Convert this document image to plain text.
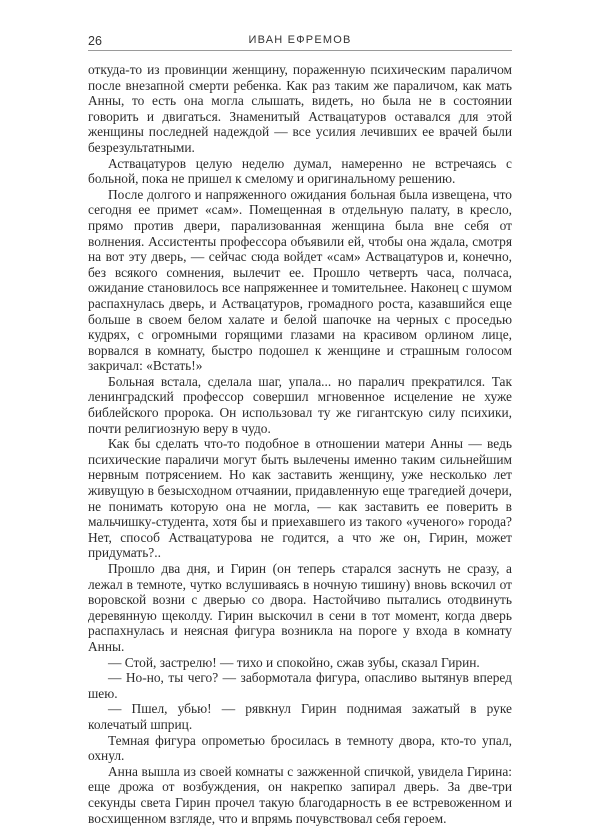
26	ИВАН ЕФРЕМОВ

откуда-то из провинции женщину, пораженную психическим параличом после внезапной смерти ребенка. Как раз таким же параличом, как мать Анны, то есть она могла слышать, видеть, но была не в состоянии говорить и двигаться. Знаменитый Аствацатуров оставался для этой женщины последней надеждой — все усилия лечивших ее врачей были безрезультатными.

Аствацатуров целую неделю думал, намеренно не встречаясь с больной, пока не пришел к смелому и оригинальному решению.

После долгого и напряженного ожидания больная была извещена, что сегодня ее примет «сам». Помещенная в отдельную палату, в кресло, прямо против двери, парализованная женщина была вне себя от волнения. Ассистенты профессора объявили ей, чтобы она ждала, смотря на вот эту дверь, — сейчас сюда войдет «сам» Аствацатуров и, конечно, без всякого сомнения, вылечит ее. Прошло четверть часа, полчаса, ожидание становилось все напряженнее и томительнее. Наконец с шумом распахнулась дверь, и Аствацатуров, громадного роста, казавшийся еще больше в своем белом халате и белой шапочке на черных с проседью кудрях, с огромными горящими глазами на красивом орлином лице, ворвался в комнату, быстро подошел к женщине и страшным голосом закричал: «Встать!»

Больная встала, сделала шаг, упала... но паралич прекратился. Так ленинградский профессор совершил мгновенное исцеление не хуже библейского пророка. Он использовал ту же гигантскую силу психики, почти религиозную веру в чудо.

Как бы сделать что-то подобное в отношении матери Анны — ведь психические параличи могут быть вылечены именно таким сильнейшим нервным потрясением. Но как заставить женщину, уже несколько лет живущую в безысходном отчаянии, придавленную еще трагедией дочери, не понимать которую она не могла, — как заставить ее поверить в мальчишку-студента, хотя бы и приехавшего из такого «ученого» города? Нет, способ Аствацатурова не годится, а что же он, Гирин, может придумать?..

Прошло два дня, и Гирин (он теперь старался заснуть не сразу, а лежал в темноте, чутко вслушиваясь в ночную тишину) вновь вскочил от воровской возни с дверью со двора. Настойчиво пытались отодвинуть деревянную щеколду. Гирин выскочил в сени в тот момент, когда дверь распахнулась и неясная фигура возникла на пороге у входа в комнату Анны.

— Стой, застрелю! — тихо и спокойно, сжав зубы, сказал Гирин.

— Но-но, ты чего? — забормотала фигура, опасливо вытянув вперед шею.

— Пшел, убью! — рявкнул Гирин поднимая зажатый в руке колечатый шприц.

Темная фигура опрометью бросилась в темноту двора, кто-то упал, охнул.

Анна вышла из своей комнаты с зажженной спичкой, увидела Гирина: еще дрожа от возбуждения, он накрепко запирал дверь. За две-три секунды света Гирин прочел такую благодарность в ее встревоженном и восхищенном взгляде, что и впрямь почувствовал себя героем.
